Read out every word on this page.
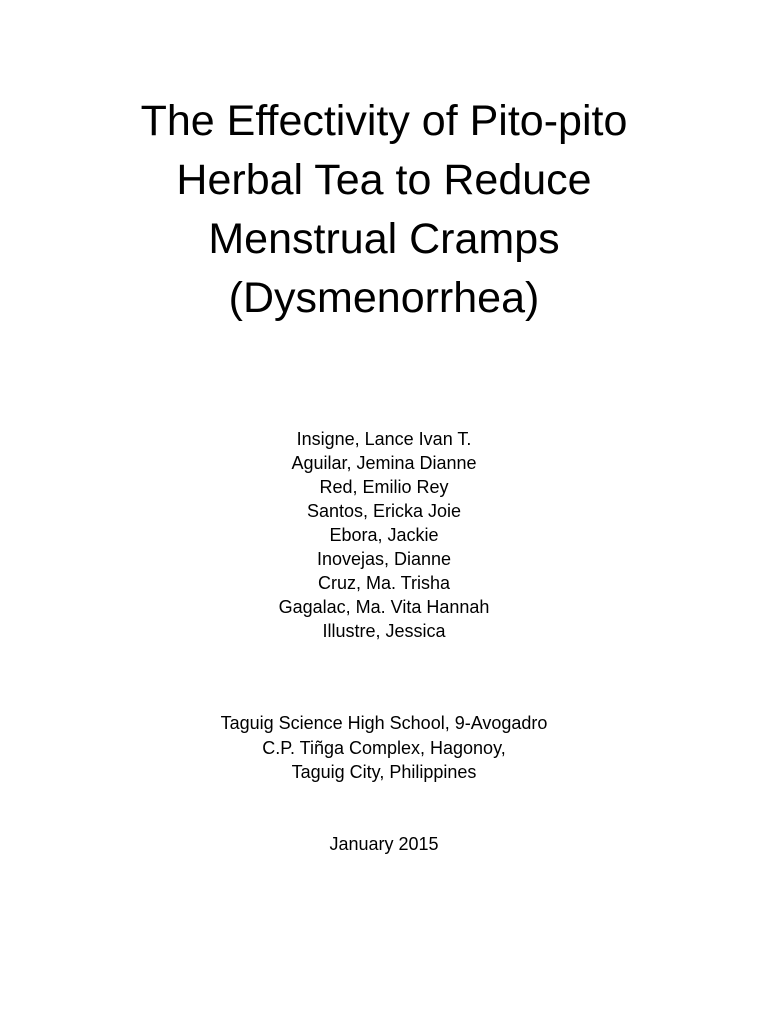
The Effectivity of Pito-pito
Herbal Tea to Reduce
Menstrual Cramps
(Dysmenorrhea)
Insigne, Lance Ivan T.
Aguilar, Jemina Dianne
Red, Emilio Rey
Santos, Ericka Joie
Ebora, Jackie
Inovejas, Dianne
Cruz, Ma. Trisha
Gagalac, Ma. Vita Hannah
Illustre, Jessica
Taguig Science High School, 9-Avogadro
C.P. Tiñga Complex, Hagonoy,
Taguig City, Philippines
January 2015
